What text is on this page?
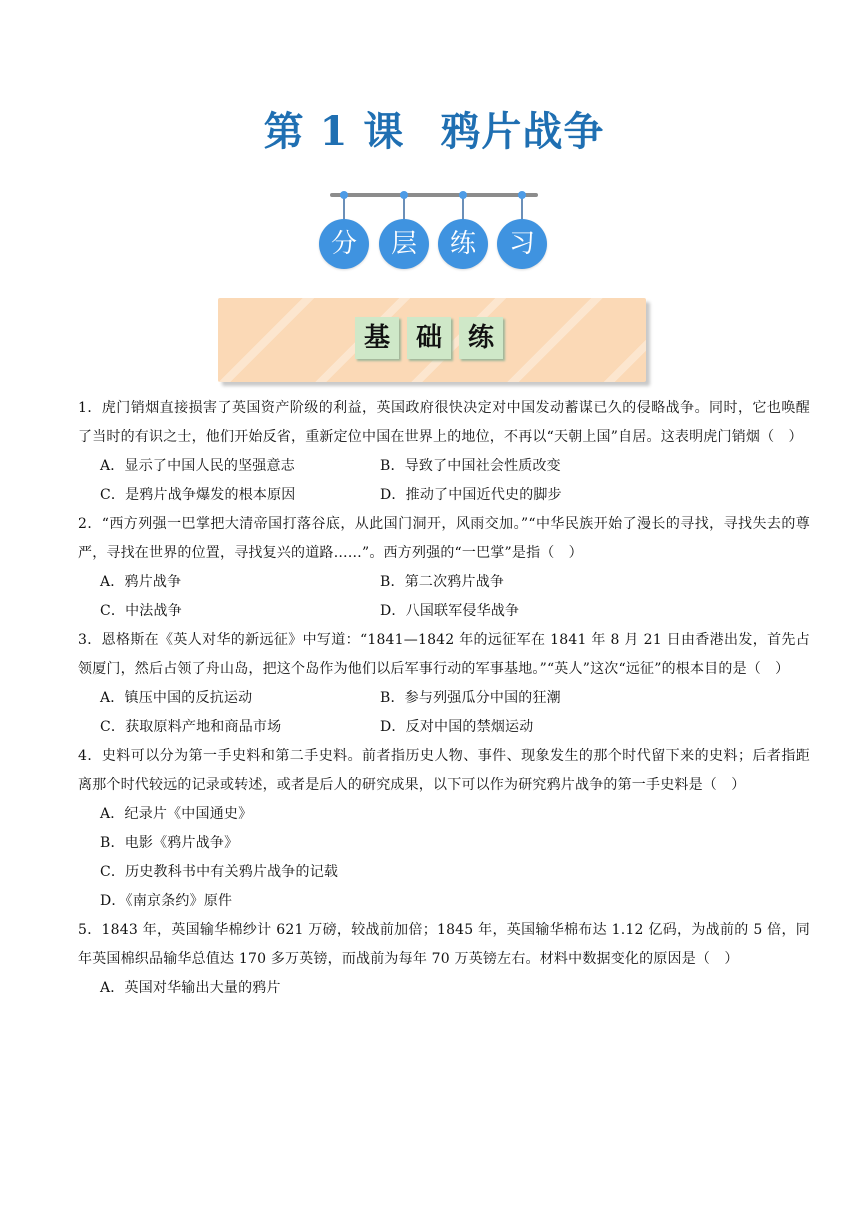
第 1 课 鸦片战争
分	层	练	习
基 础 练

1．虎门销烟直接损害了英国资产阶级的利益，英国政府很快决定对中国发动蓄谋已久的侵略战争。同时，它也唤醒了当时的有识之士，他们开始反省，重新定位中国在世界上的地位，不再以“天朝上国”自居。这表明虎门销烟（　）

A．显示了中国人民的坚强意志	B．导致了中国社会性质改变
C．是鸦片战争爆发的根本原因	D．推动了中国近代史的脚步

2．“西方列强一巴掌把大清帝国打落谷底，从此国门洞开，风雨交加。”“中华民族开始了漫长的寻找，寻找失去的尊严，寻找在世界的位置，寻找复兴的道路……”。西方列强的“一巴掌”是指（　）

A．鸦片战争	B．第二次鸦片战争
C．中法战争	D．八国联军侵华战争

3．恩格斯在《英人对华的新远征》中写道：“1841—1842 年的远征军在 1841 年 8 月 21 日由香港出发，首先占领厦门，然后占领了舟山岛，把这个岛作为他们以后军事行动的军事基地。”“英人”这次“远征”的根本目的是（　）

A．镇压中国的反抗运动	B．参与列强瓜分中国的狂潮
C．获取原料产地和商品市场	D．反对中国的禁烟运动

4．史料可以分为第一手史料和第二手史料。前者指历史人物、事件、现象发生的那个时代留下来的史料；后者指距离那个时代较远的记录或转述，或者是后人的研究成果，以下可以作为研究鸦片战争的第一手史料是（　）

A．纪录片《中国通史》
B．电影《鸦片战争》
C．历史教科书中有关鸦片战争的记载
D．《南京条约》原件

5．1843 年，英国输华棉纱计 621 万磅，较战前加倍；1845 年，英国输华棉布达 1.12 亿码，为战前的 5 倍，同年英国棉织品输华总值达 170 多万英镑，而战前为每年 70 万英镑左右。材料中数据变化的原因是（　）

A．英国对华输出大量的鸦片
